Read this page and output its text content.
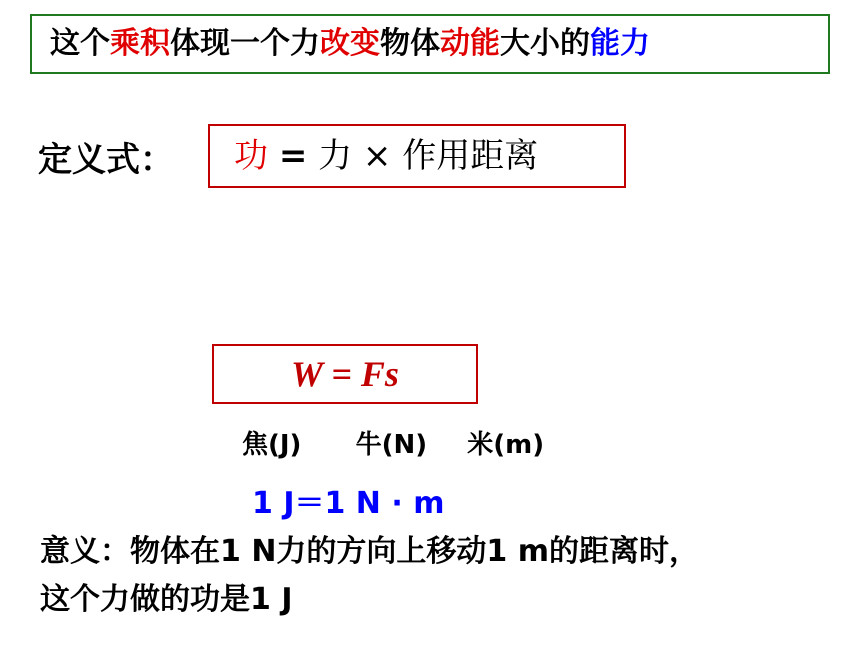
这个乘积体现一个力改变物体动能大小的能力
定义式：	功 = 力 × 作用距离
W = Fs
焦(J) 牛(N) 米(m)
1 J＝1 N · m
意义：物体在1 N力的方向上移动1 m的距离时，
这个力做的功是1 J
